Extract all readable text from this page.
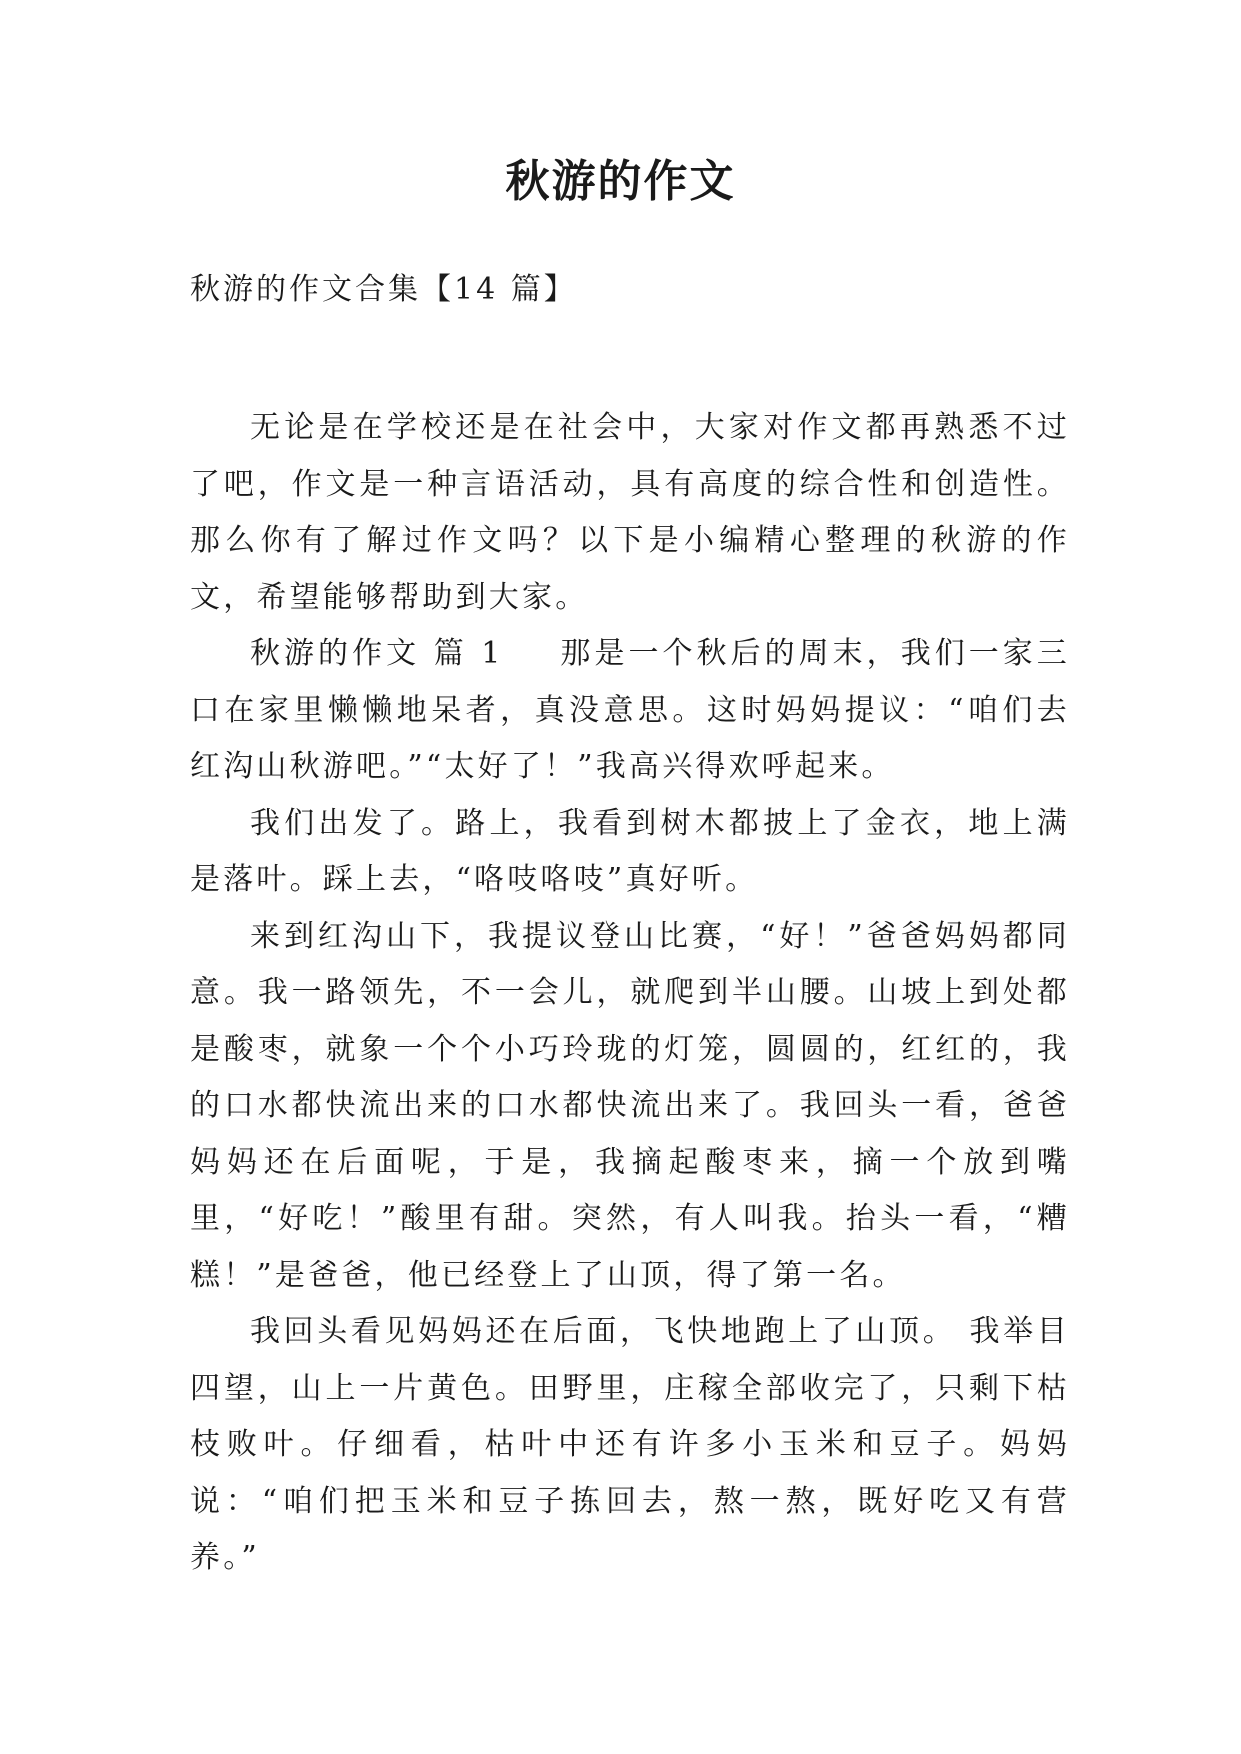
秋游的作文
秋游的作文合集【14 篇】

无论是在学校还是在社会中，大家对作文都再熟悉不过了吧，作文是一种言语活动，具有高度的综合性和创造性。那么你有了解过作文吗？以下是小编精心整理的秋游的作文，希望能够帮助到大家。

秋游的作文 篇 1 那是一个秋后的周末，我们一家三口在家里懒懒地呆者，真没意思。这时妈妈提议：“咱们去红沟山秋游吧。”“太好了！”我高兴得欢呼起来。

我们出发了。路上，我看到树木都披上了金衣，地上满是落叶。踩上去，“咯吱咯吱”真好听。

来到红沟山下，我提议登山比赛，“好！”爸爸妈妈都同意。我一路领先，不一会儿，就爬到半山腰。山坡上到处都是酸枣，就象一个个小巧玲珑的灯笼，圆圆的，红红的，我的口水都快流出来的口水都快流出来了。我回头一看，爸爸妈妈还在后面呢，于是，我摘起酸枣来，摘一个放到嘴里，“好吃！”酸里有甜。突然，有人叫我。抬头一看，“糟糕！”是爸爸，他已经登上了山顶，得了第一名。

我回头看见妈妈还在后面，飞快地跑上了山顶。 我举目四望，山上一片黄色。田野里，庄稼全部收完了，只剩下枯枝败叶。仔细看，枯叶中还有许多小玉米和豆子。妈妈说：“咱们把玉米和豆子拣回去，熬一熬，既好吃又有营养。”
